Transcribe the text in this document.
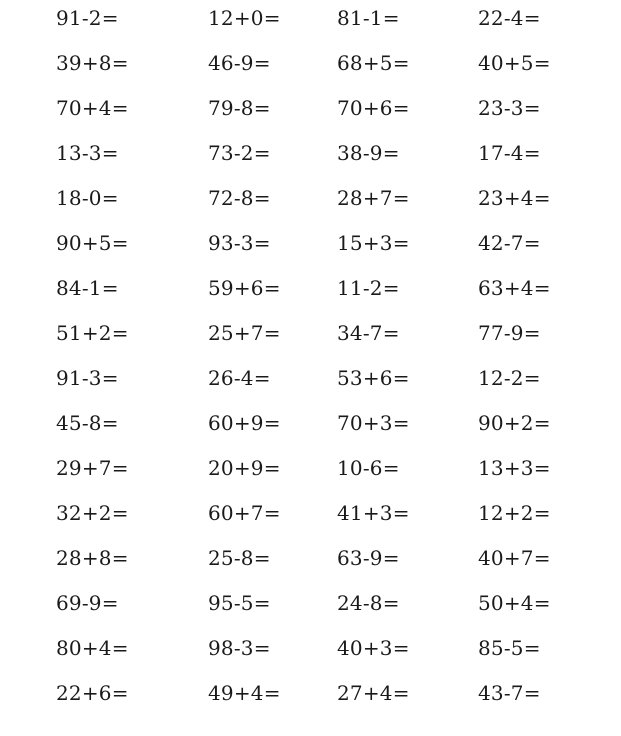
91-2=	12+0=	81-1=	22-4=
39+8=	46-9=	68+5=	40+5=
70+4=	79-8=	70+6=	23-3=
13-3=	73-2=	38-9=	17-4=
18-0=	72-8=	28+7=	23+4=
90+5=	93-3=	15+3=	42-7=
84-1=	59+6=	11-2=	63+4=
51+2=	25+7=	34-7=	77-9=
91-3=	26-4=	53+6=	12-2=
45-8=	60+9=	70+3=	90+2=
29+7=	20+9=	10-6=	13+3=
32+2=	60+7=	41+3=	12+2=
28+8=	25-8=	63-9=	40+7=
69-9=	95-5=	24-8=	50+4=
80+4=	98-3=	40+3=	85-5=
22+6=	49+4=	27+4=	43-7=
